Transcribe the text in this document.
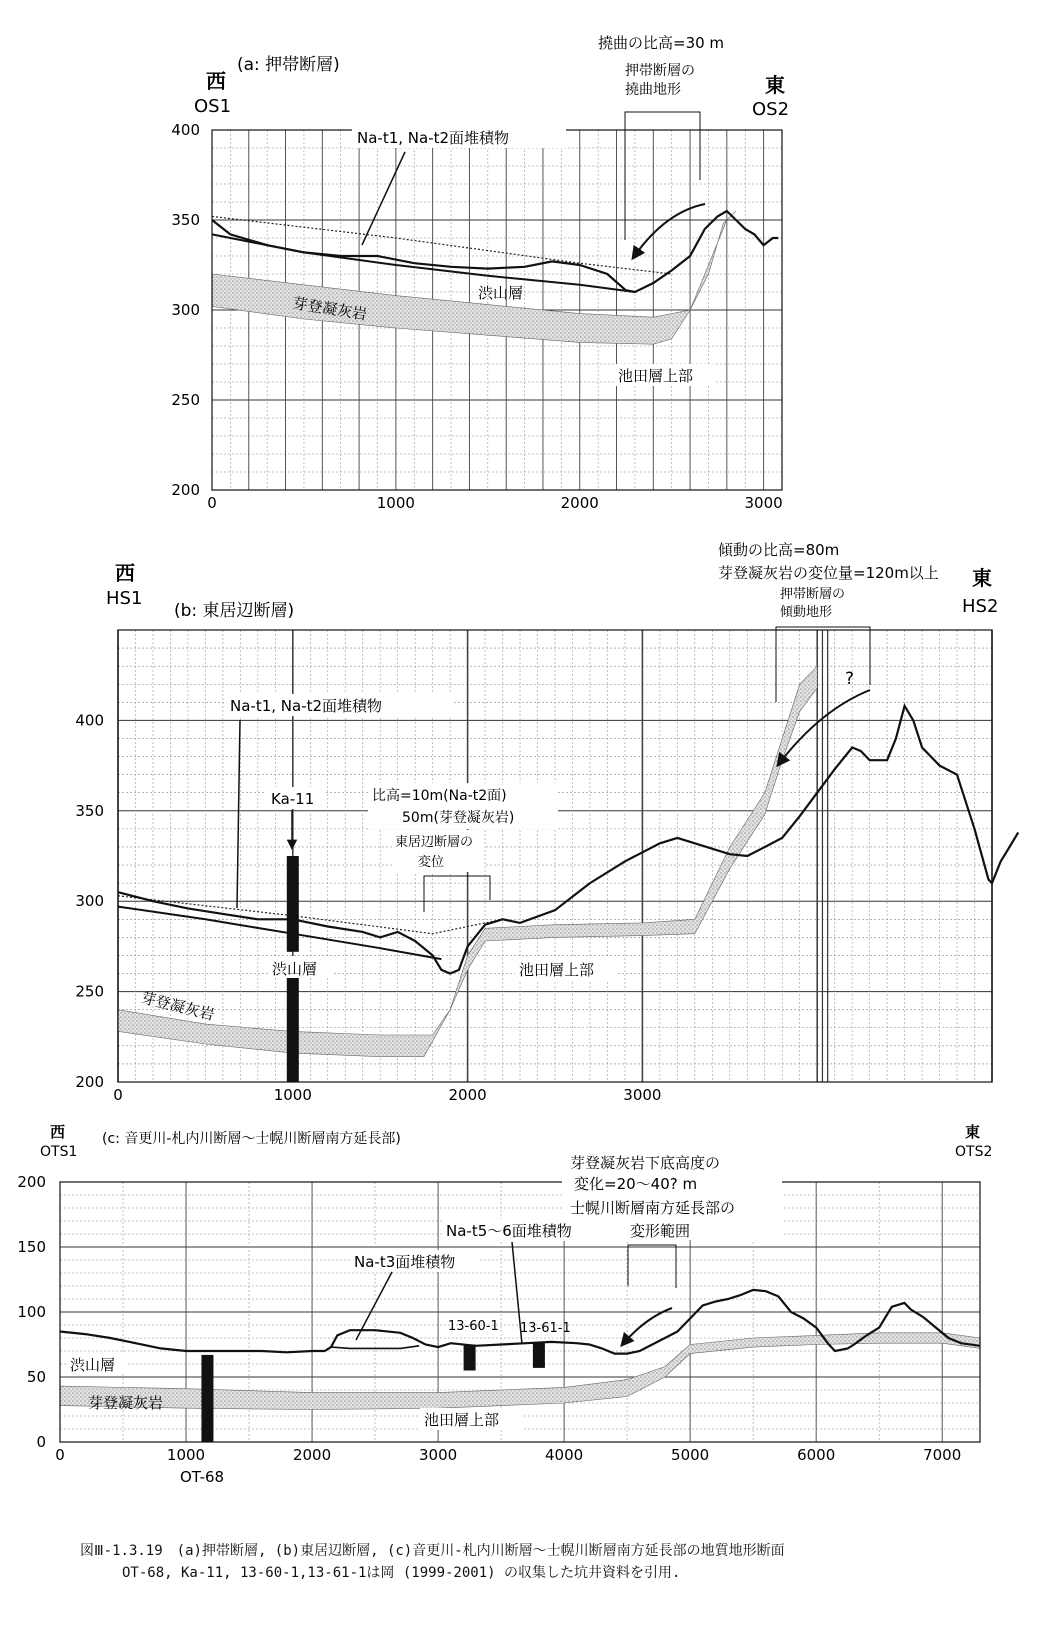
200
250
300
350
400
0	1000	2000	3000
(a: 押帯断層)
西
OS1
東
OS2
撓曲の比高=30 m
押帯断層の
撓曲地形
Na-t1, Na-t2面堆積物
渋山層
芽登凝灰岩
池田層上部
200
250
300
350
400
0	1000	2000	3000
西
HS1
(b: 東居辺断層)
東
HS2
傾動の比高=80m
芽登凝灰岩の変位量=120m以上
押帯断層の
傾動地形
?
Na-t1, Na-t2面堆積物
Ka-11	比高=10m(Na-t2面)
50m(芽登凝灰岩)
東居辺断層の
変位
渋山層
芽登凝灰岩
池田層上部
0
50
100
150
200
0	1000	2000	3000	4000	5000	6000	7000
西
OTS1
(c: 音更川-札内川断層～士幌川断層南方延長部)	東
OTS2
芽登凝灰岩下底高度の
変化=20～40? m
士幌川断層南方延長部の
変形範囲
Na-t5～6面堆積物
Na-t3面堆積物
13-60-1 13-61-1
OT-68
渋山層
芽登凝灰岩
池田層上部
図Ⅲ-1.3.19　(a)押帯断層, (b)東居辺断層, (c)音更川-札内川断層～士幌川断層南方延長部の地質地形断面
OT-68, Ka-11, 13-60-1,13-61-1は岡 (1999-2001) の収集した坑井資料を引用.
